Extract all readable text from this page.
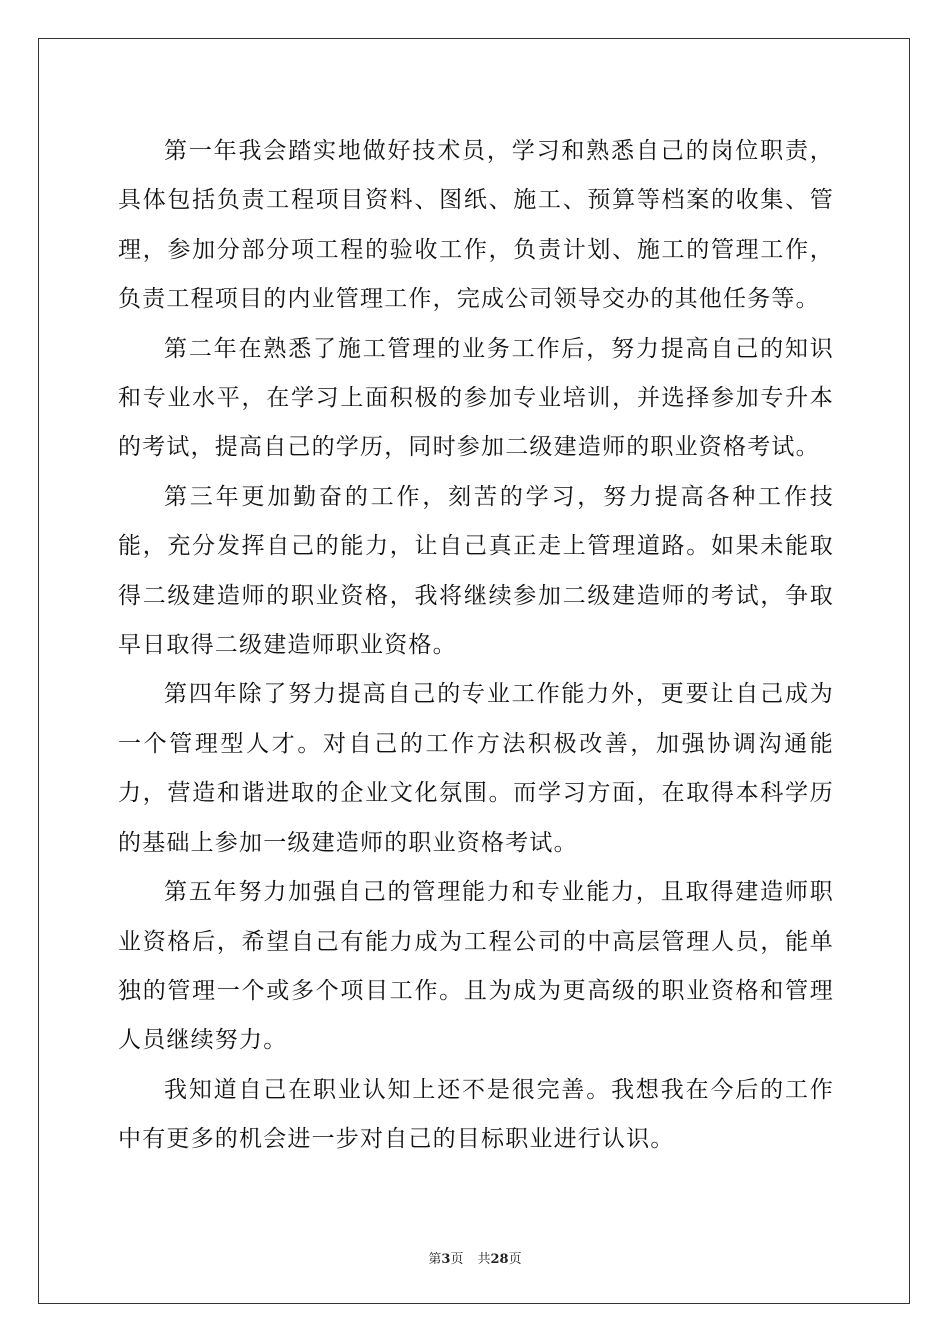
第一年我会踏实地做好技术员，学习和熟悉自己的岗位职责，具体包括负责工程项目资料、图纸、施工、预算等档案的收集、管理，参加分部分项工程的验收工作，负责计划、施工的管理工作，负责工程项目的内业管理工作，完成公司领导交办的其他任务等。

第二年在熟悉了施工管理的业务工作后，努力提高自己的知识和专业水平，在学习上面积极的参加专业培训，并选择参加专升本的考试，提高自己的学历，同时参加二级建造师的职业资格考试。

第三年更加勤奋的工作，刻苦的学习，努力提高各种工作技能，充分发挥自己的能力，让自己真正走上管理道路。如果未能取得二级建造师的职业资格，我将继续参加二级建造师的考试，争取早日取得二级建造师职业资格。

第四年除了努力提高自己的专业工作能力外，更要让自己成为一个管理型人才。对自己的工作方法积极改善，加强协调沟通能力，营造和谐进取的企业文化氛围。而学习方面，在取得本科学历的基础上参加一级建造师的职业资格考试。

第五年努力加强自己的管理能力和专业能力，且取得建造师职业资格后，希望自己有能力成为工程公司的中高层管理人员，能单独的管理一个或多个项目工作。且为成为更高级的职业资格和管理人员继续努力。

我知道自己在职业认知上还不是很完善。我想我在今后的工作中有更多的机会进一步对自己的目标职业进行认识。

第3页 共28页
